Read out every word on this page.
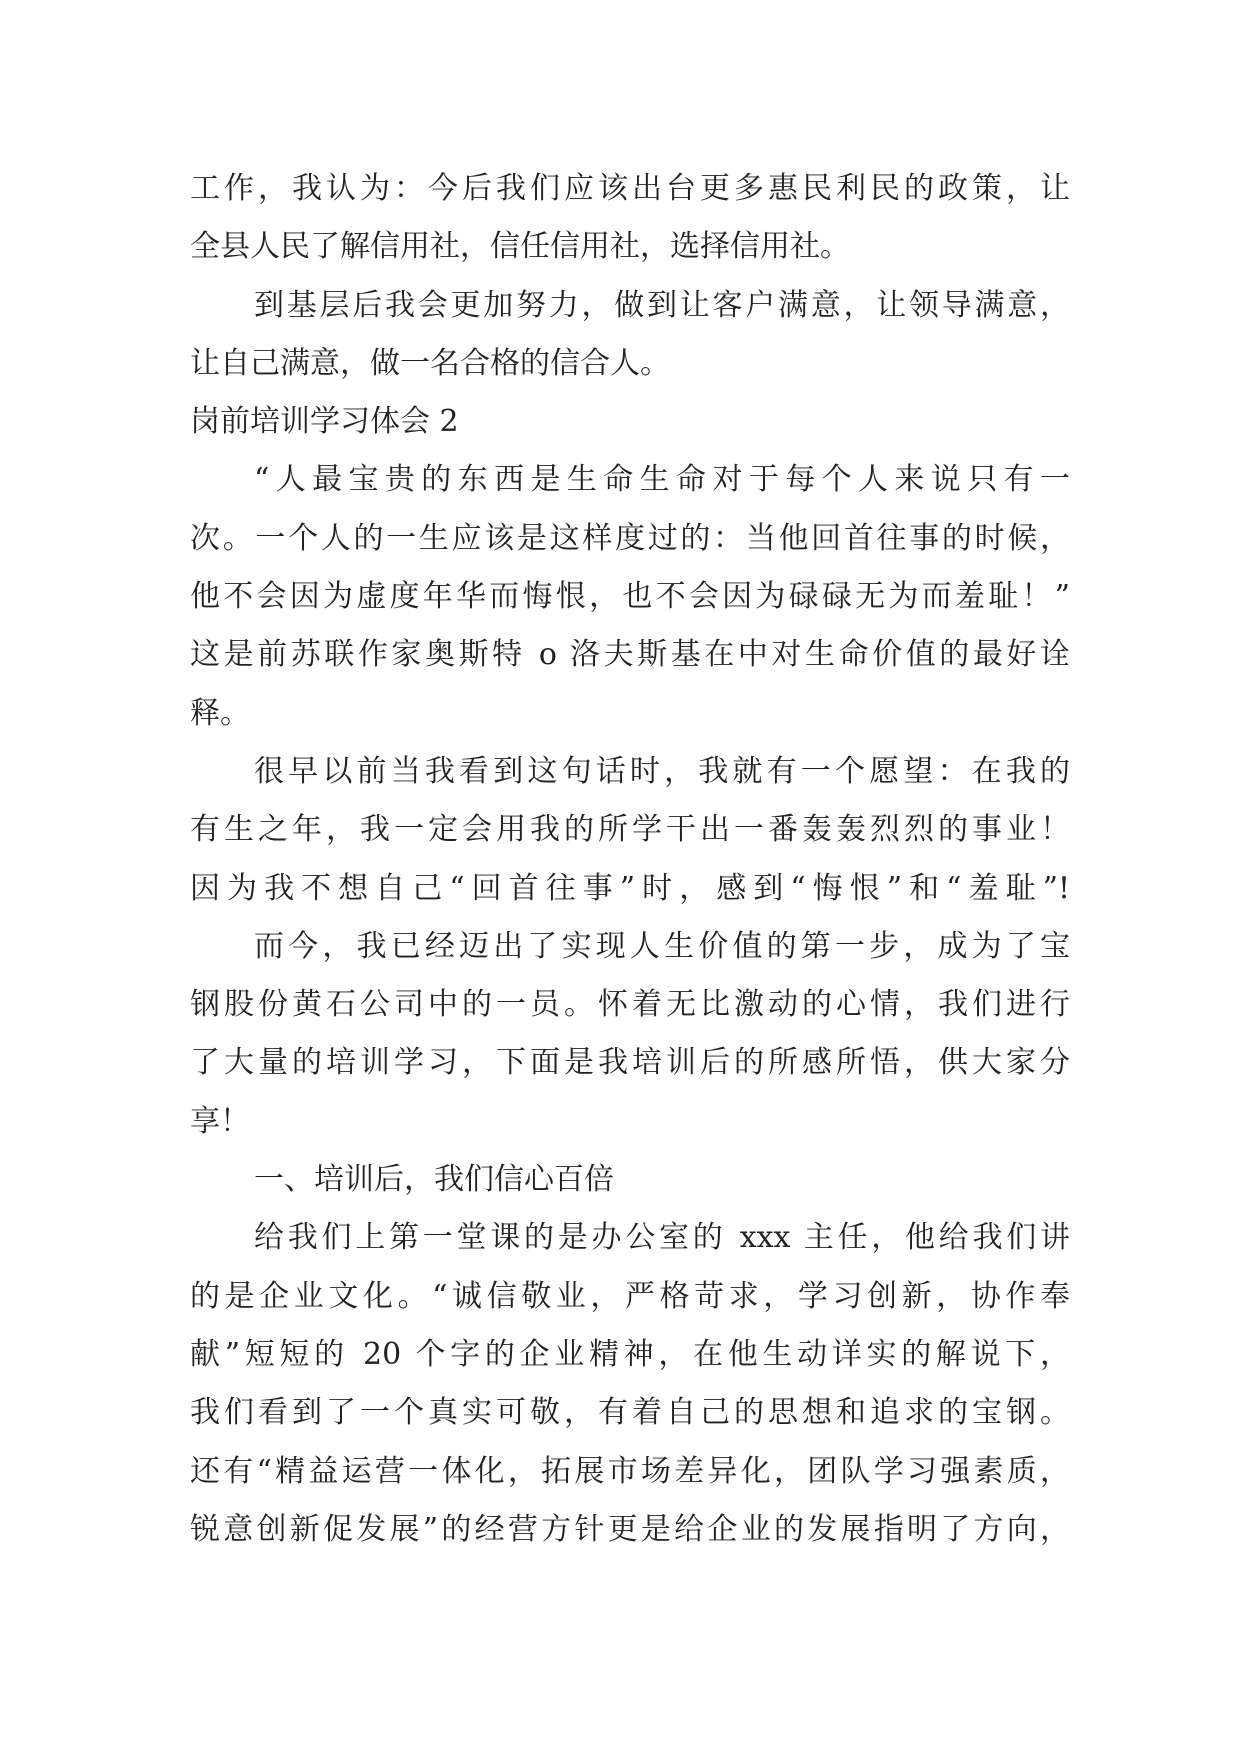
工作，我认为：今后我们应该出台更多惠民利民的政策，让
全县人民了解信用社，信任信用社，选择信用社。
到基层后我会更加努力，做到让客户满意，让领导满意，
让自己满意，做一名合格的信合人。
岗前培训学习体会 2
“人最宝贵的东西是生命生命对于每个人来说只有一
次。一个人的一生应该是这样度过的：当他回首往事的时候，
他不会因为虚度年华而悔恨，也不会因为碌碌无为而羞耻！”
这是前苏联作家奥斯特 o 洛夫斯基在中对生命价值的最好诠
释。
很早以前当我看到这句话时，我就有一个愿望：在我的
有生之年，我一定会用我的所学干出一番轰轰烈烈的事业！
因为我不想自己“回首往事”时，感到“悔恨”和“羞耻”!
而今，我已经迈出了实现人生价值的第一步，成为了宝
钢股份黄石公司中的一员。怀着无比激动的心情，我们进行
了大量的培训学习，下面是我培训后的所感所悟，供大家分
享！
一、培训后，我们信心百倍
给我们上第一堂课的是办公室的 xxx 主任，他给我们讲
的是企业文化。“诚信敬业，严格苛求，学习创新，协作奉
献”短短的 20 个字的企业精神，在他生动详实的解说下，
我们看到了一个真实可敬，有着自己的思想和追求的宝钢。
还有“精益运营一体化，拓展市场差异化，团队学习强素质，
锐意创新促发展”的经营方针更是给企业的发展指明了方向，
